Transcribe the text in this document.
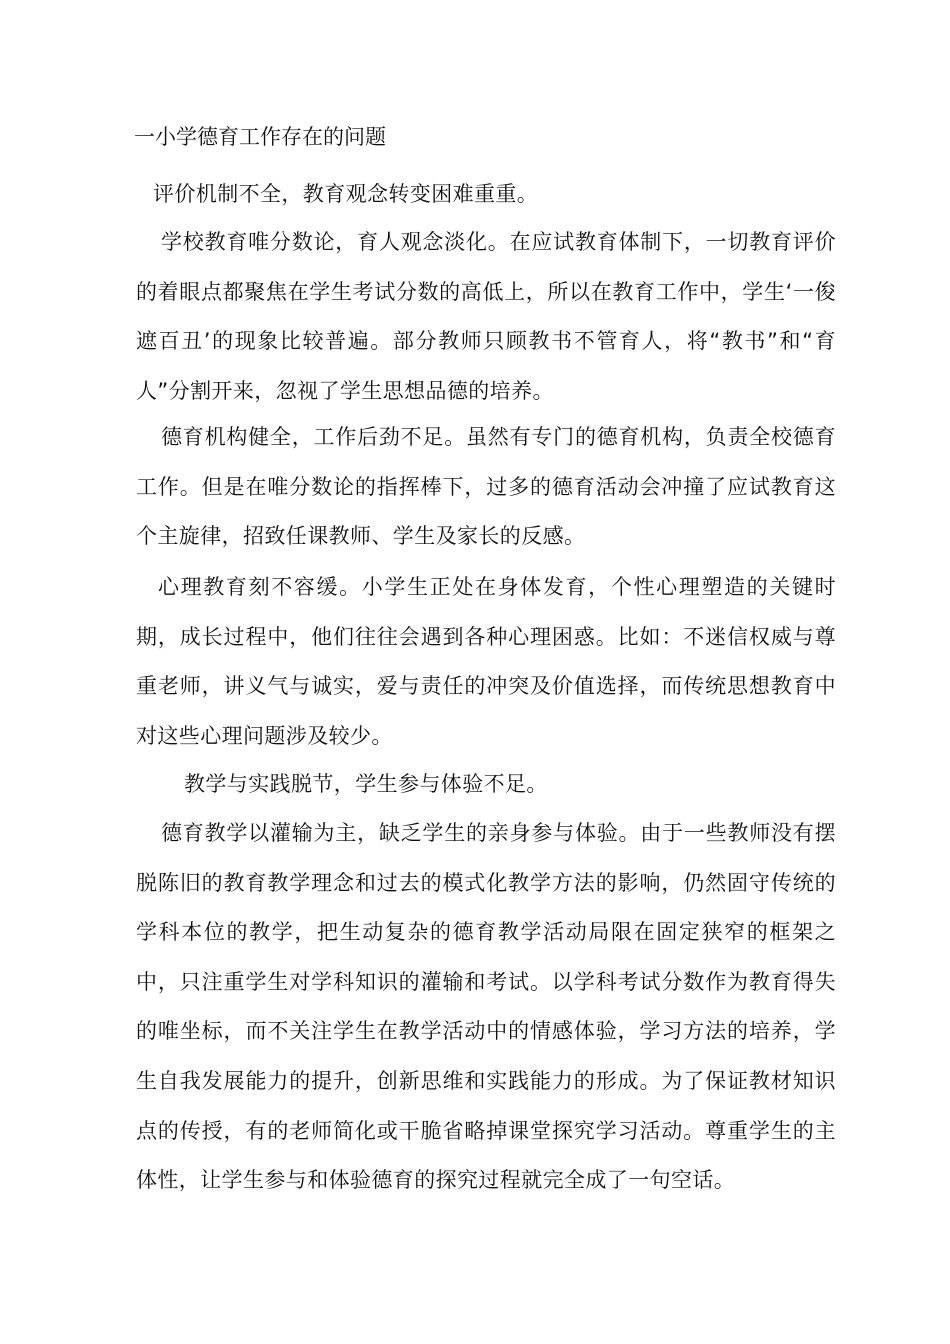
一小学德育工作存在的问题

评价机制不全，教育观念转变困难重重。

学校教育唯分数论，育人观念淡化。在应试教育体制下，一切教育评价的着眼点都聚焦在学生考试分数的高低上，所以在教育工作中，学生‘一俊遮百丑’的现象比较普遍。部分教师只顾教书不管育人，将“教书”和“育人”分割开来，忽视了学生思想品德的培养。

德育机构健全，工作后劲不足。虽然有专门的德育机构，负责全校德育工作。但是在唯分数论的指挥棒下，过多的德育活动会冲撞了应试教育这个主旋律，招致任课教师、学生及家长的反感。

心理教育刻不容缓。小学生正处在身体发育，个性心理塑造的关键时期，成长过程中，他们往往会遇到各种心理困惑。比如：不迷信权威与尊重老师，讲义气与诚实，爱与责任的冲突及价值选择，而传统思想教育中对这些心理问题涉及较少。

教学与实践脱节，学生参与体验不足。

德育教学以灌输为主，缺乏学生的亲身参与体验。由于一些教师没有摆脱陈旧的教育教学理念和过去的模式化教学方法的影响，仍然固守传统的学科本位的教学，把生动复杂的德育教学活动局限在固定狭窄的框架之中，只注重学生对学科知识的灌输和考试。以学科考试分数作为教育得失的唯坐标，而不关注学生在教学活动中的情感体验，学习方法的培养，学生自我发展能力的提升，创新思维和实践能力的形成。为了保证教材知识点的传授，有的老师简化或干脆省略掉课堂探究学习活动。尊重学生的主体性，让学生参与和体验德育的探究过程就完全成了一句空话。
